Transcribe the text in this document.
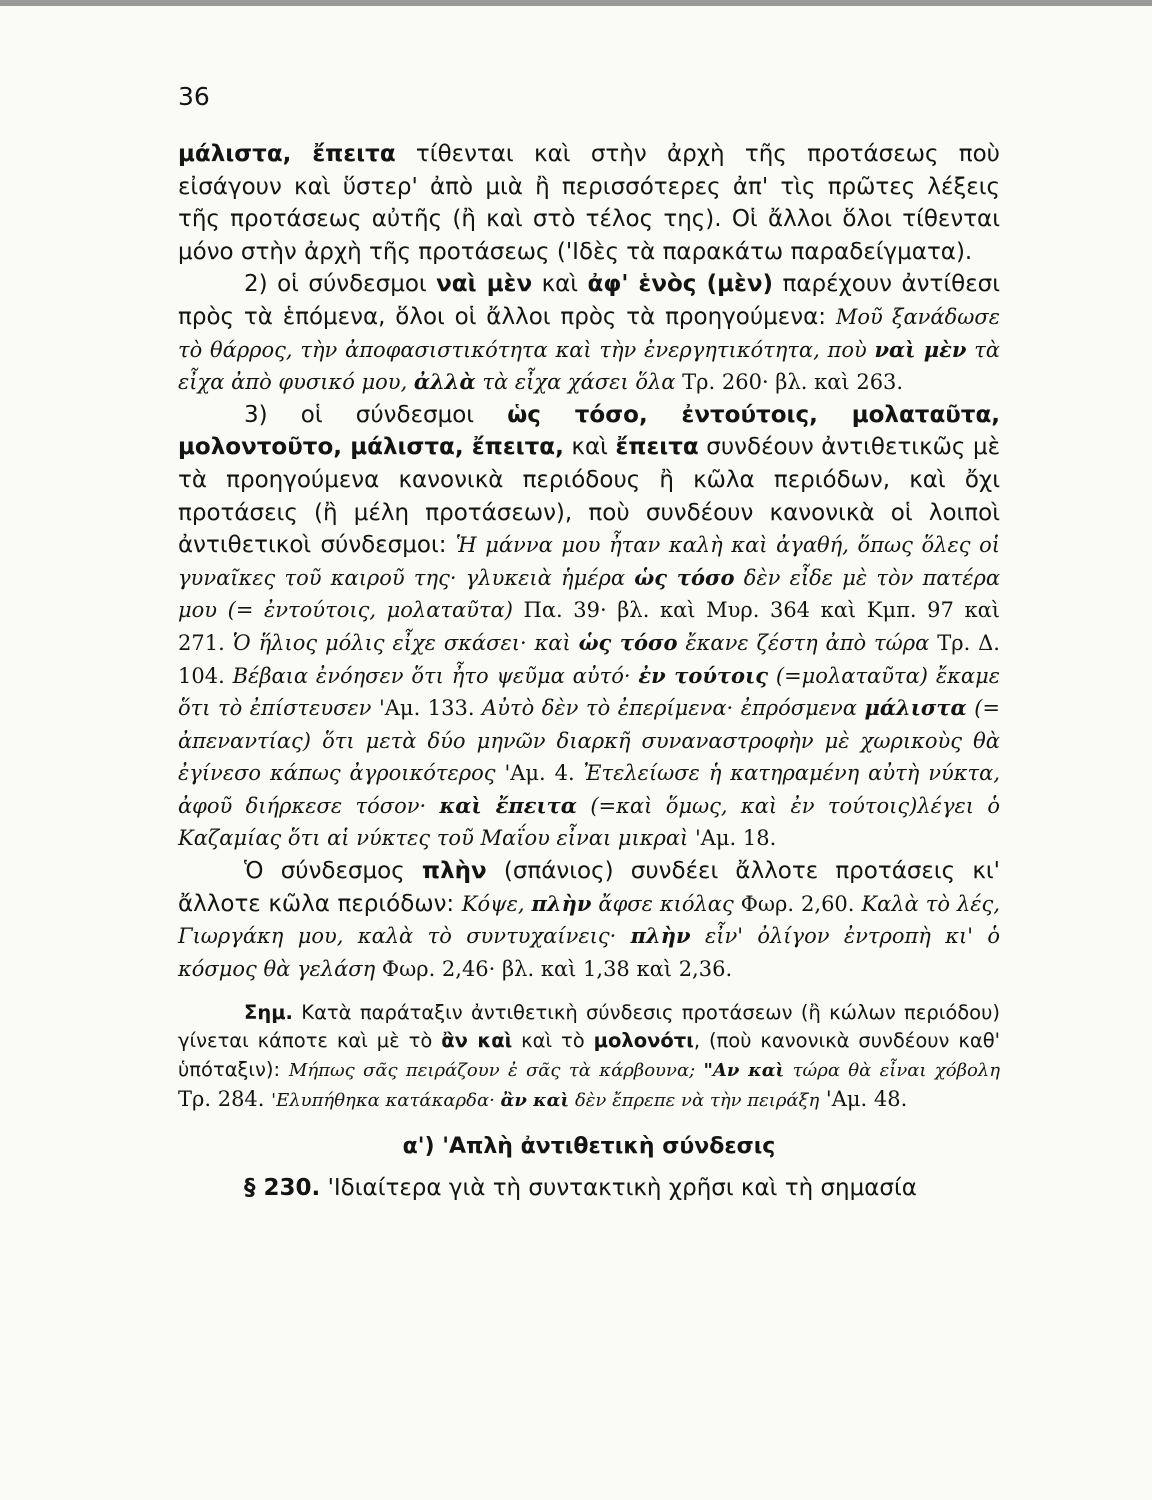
36

μάλιστα, ἔπειτα τίθενται καὶ στὴν ἀρχὴ τῆς προτάσεως ποὺ εἰσάγουν καὶ ὕστερ' ἀπὸ μιὰ ἢ περισσότερες ἀπ' τὶς πρῶτες λέξεις τῆς προτάσεως αὐτῆς (ἢ καὶ στὸ τέλος της). Οἱ ἄλλοι ὅλοι τίθενται μόνο στὴν ἀρχὴ τῆς προτάσεως ('Ιδὲς τὰ παρακάτω παραδείγματα).

2) οἱ σύνδεσμοι ναὶ μὲν καὶ ἀφ' ἑνὸς (μὲν) παρέχουν ἀντίθεσι πρὸς τὰ ἑπόμενα, ὅλοι οἱ ἄλλοι πρὸς τὰ προηγούμενα: Μοῦ ξανάδωσε τὸ θάρρος, τὴν ἀποφασιστικότητα καὶ τὴν ἐνεργητικότητα, ποὺ ναὶ μὲν τὰ εἶχα ἀπὸ φυσικό μου, ἀλλὰ τὰ εἶχα χάσει ὅλα Τρ. 260· βλ. καὶ 263.

3) οἱ σύνδεσμοι ὡς τόσο, ἐντούτοις, μολαταῦτα, μολοντοῦτο, μάλιστα, ἔπειτα, καὶ ἔπειτα συνδέουν ἀντιθετικῶς μὲ τὰ προηγούμενα κανονικὰ περιόδους ἢ κῶλα περιόδων, καὶ ὄχι προτάσεις (ἢ μέλη προτάσεων), ποὺ συνδέουν κανονικὰ οἱ λοιποὶ ἀντιθετικοὶ σύνδεσμοι: Ἡ μάννα μου ἦταν καλὴ καὶ ἀγαθή, ὅπως ὅλες οἱ γυναῖκες τοῦ καιροῦ της· γλυκειὰ ἡμέρα ὡς τόσο δὲν εἶδε μὲ τὸν πατέρα μου (= ἐντούτοις, μολαταῦτα) Πα. 39· βλ. καὶ Μυρ. 364 καὶ Κμπ. 97 καὶ 271. Ὁ ἥλιος μόλις εἶχε σκάσει· καὶ ὡς τόσο ἔκανε ζέστη ἀπὸ τώρα Τρ. Δ. 104. Βέβαια ἐνόησεν ὅτι ἦτο ψεῦμα αὐτό· ἐν τούτοις (=μολαταῦτα) ἔκαμε ὅτι τὸ ἐπίστευσεν 'Αμ. 133. Αὐτὸ δὲν τὸ ἐπερίμενα· ἐπρόσμενα μάλιστα (= ἀπεναντίας) ὅτι μετὰ δύο μηνῶν διαρκῆ συναναστροφὴν μὲ χωρικοὺς θὰ ἐγίνεσο κάπως ἀγροικότερος 'Αμ. 4. Ἐτελείωσε ἡ κατηραμένη αὐτὴ νύκτα, ἀφοῦ διήρκεσε τόσον· καὶ ἔπειτα (=καὶ ὅμως, καὶ ἐν τούτοις)λέγει ὁ Καζαμίας ὅτι αἱ νύκτες τοῦ Μαΐου εἶναι μικραὶ 'Αμ. 18.

Ὁ σύνδεσμος πλὴν (σπάνιος) συνδέει ἄλλοτε προτάσεις κι' ἄλλοτε κῶλα περιόδων: Κόψε, πλὴν ἄφσε κιόλας Φωρ. 2,60. Καλὰ τὸ λές, Γιωργάκη μου, καλὰ τὸ συντυχαίνεις· πλὴν εἶν' ὀλίγον ἐντροπὴ κι' ὁ κόσμος θὰ γελάση Φωρ. 2,46· βλ. καὶ 1,38 καὶ 2,36.

Σημ. Κατὰ παράταξιν ἀντιθετικὴ σύνδεσις προτάσεων (ἢ κώλων περιόδου) γίνεται κάποτε καὶ μὲ τὸ ἂν καὶ καὶ τὸ μολονότι, (ποὺ κανονικὰ συνδέουν καθ' ὑπόταξιν): Μήπως σᾶς πειράζουν ἐ σᾶς τὰ κάρβουνα; "Αν καὶ τώρα θὰ εἶναι χόβολη Τρ. 284. 'Ελυπήθηκα κατάκαρδα· ἂν καὶ δὲν ἔπρεπε νὰ τὴν πειράξη 'Αμ. 48.

α') 'Απλὴ ἀντιθετικὴ σύνδεσις

§ 230. 'Ιδιαίτερα γιὰ τὴ συντακτικὴ χρῆσι καὶ τὴ σημασία
